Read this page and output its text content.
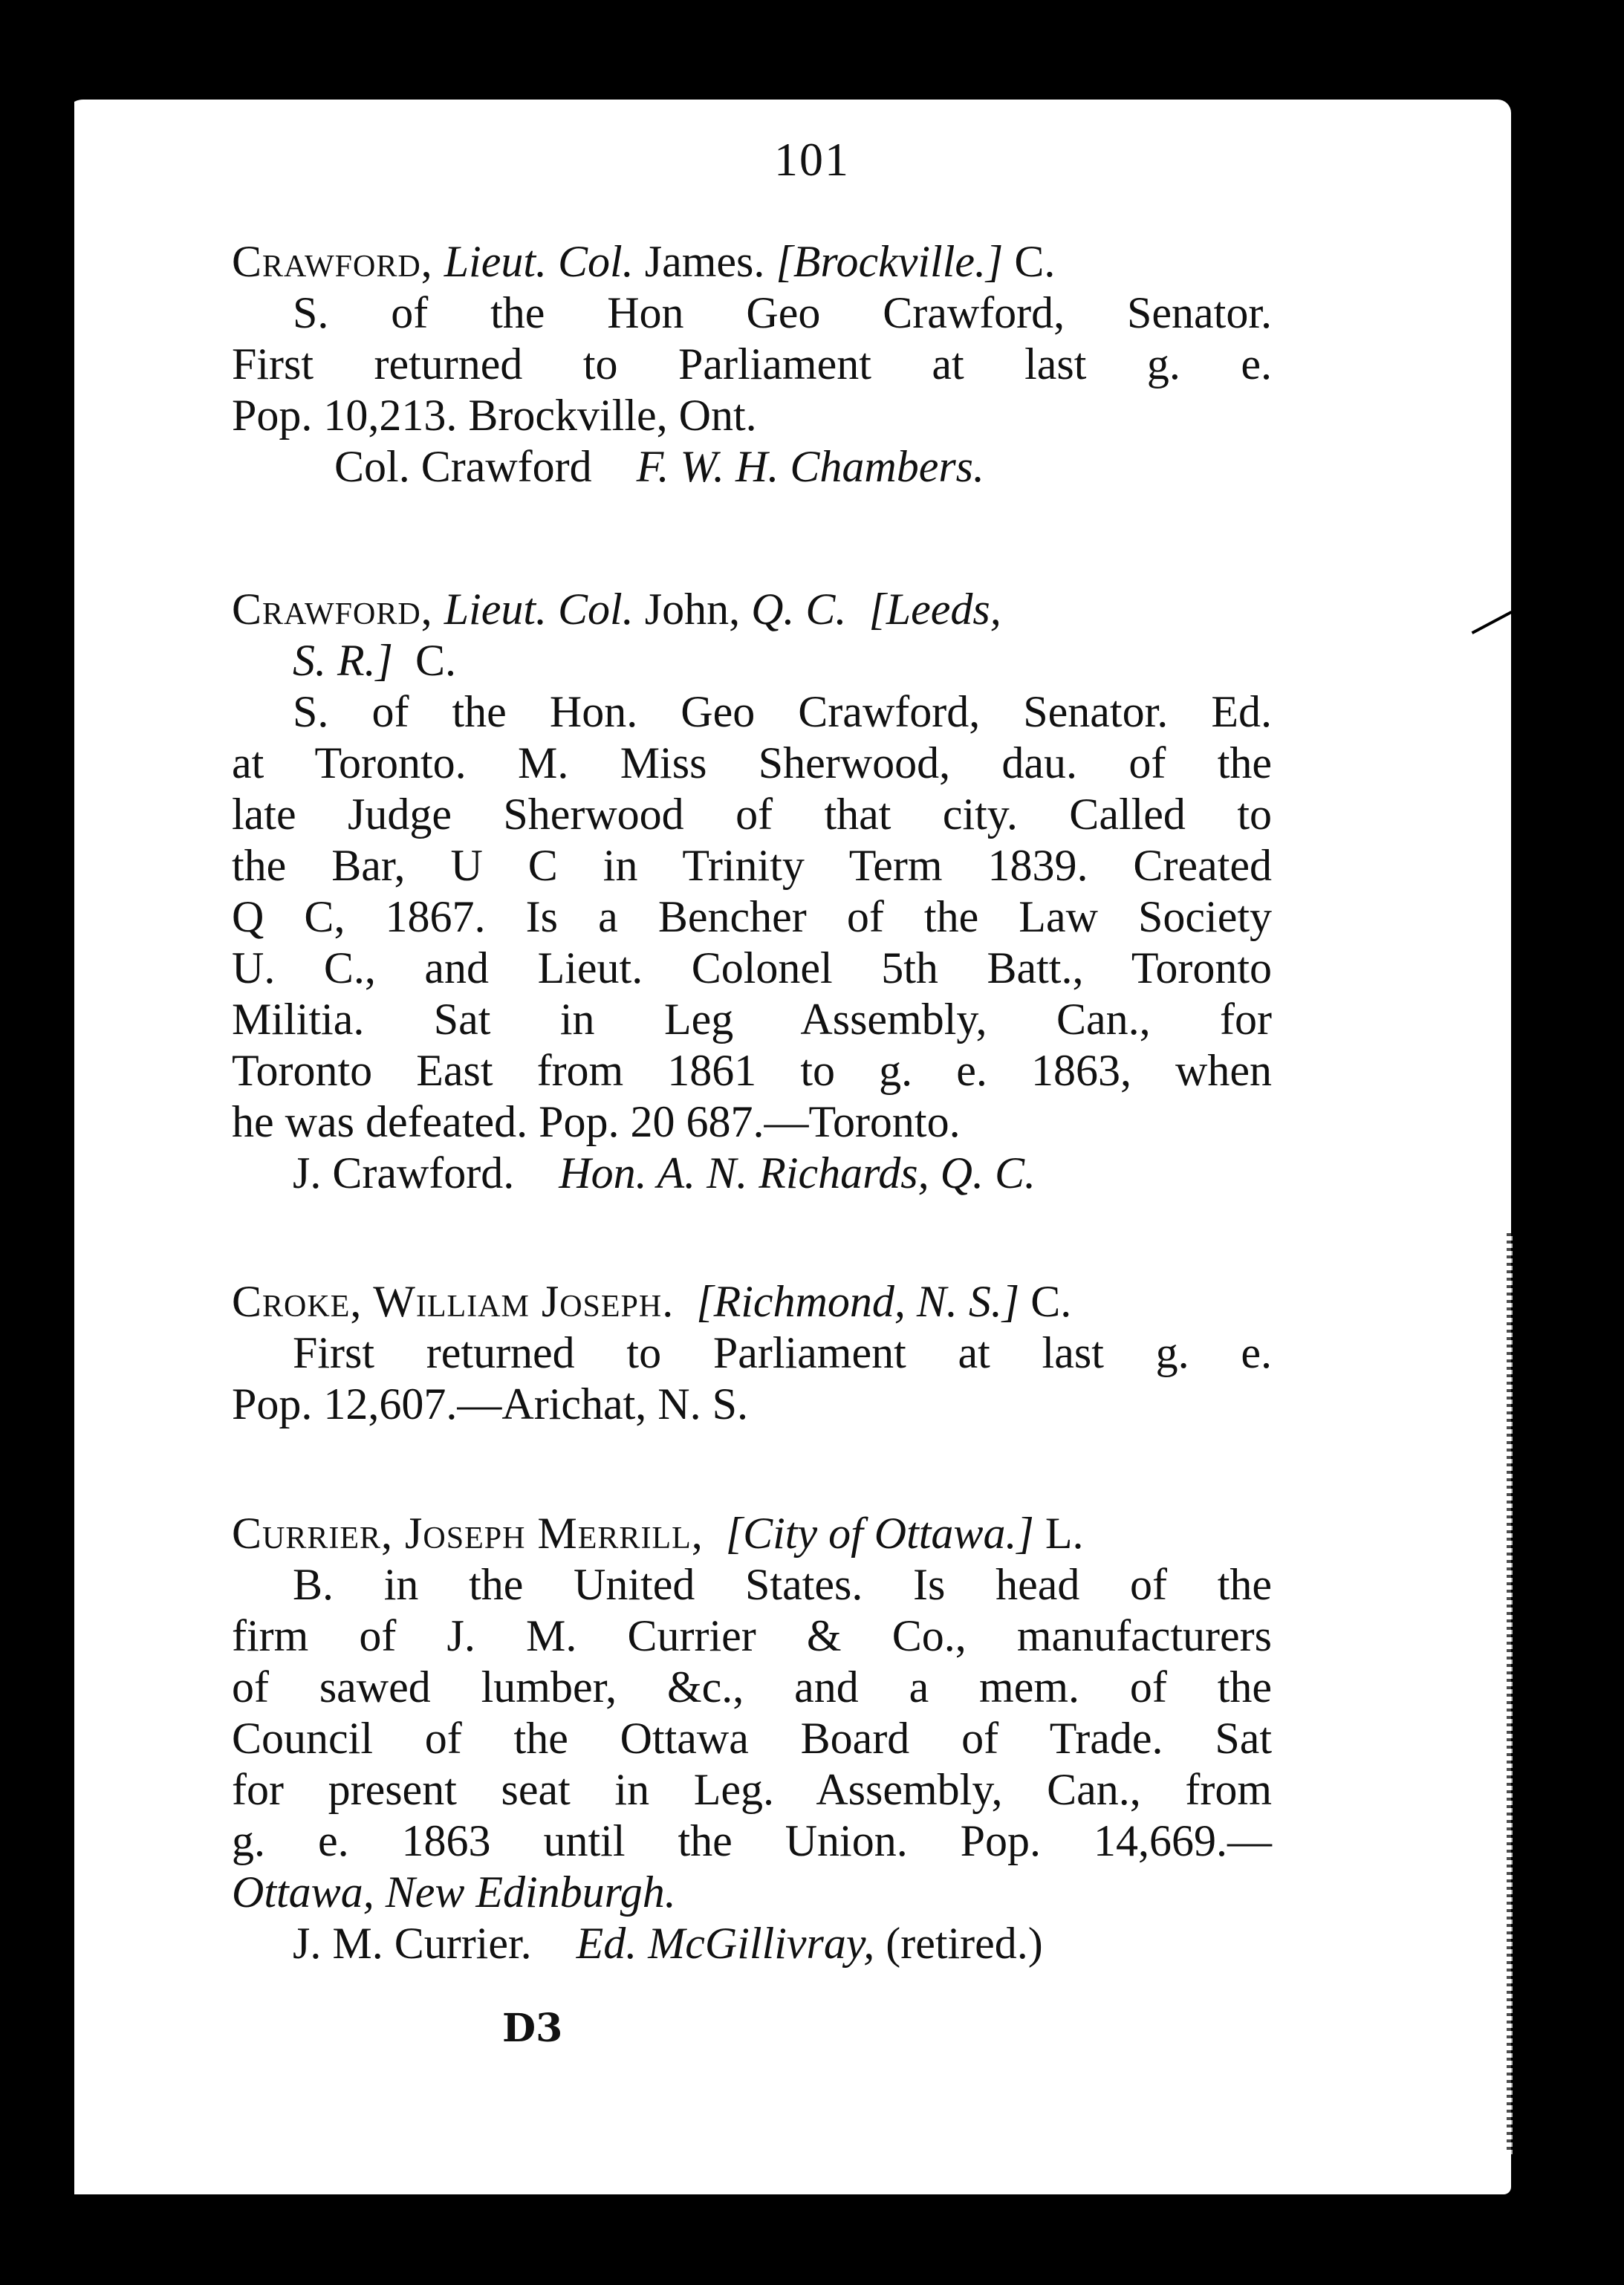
101
Crawford, Lieut. Col. James. [Brockville.] C.
S. of the Hon Geo Crawford, Senator.
First returned to Parliament at last g. e.
Pop. 10,213. Brockville, Ont.
Col. Crawford F. W. H. Chambers.
Crawford, Lieut. Col. John, Q. C. [Leeds,
S. R.] C.
S. of the Hon. Geo Crawford, Senator. Ed.
at Toronto. M. Miss Sherwood, dau. of the
late Judge Sherwood of that city. Called to
the Bar, U C in Trinity Term 1839. Created
Q C, 1867. Is a Bencher of the Law Society
U. C., and Lieut. Colonel 5th Batt., Toronto
Militia. Sat in Leg Assembly, Can., for
Toronto East from 1861 to g. e. 1863, when
he was defeated. Pop. 20 687.—Toronto.
J. Crawford. Hon. A. N. Richards, Q. C.
Croke, William Joseph. [Richmond, N. S.] C.
First returned to Parliament at last g. e.
Pop. 12,607.—Arichat, N. S.
Currier, Joseph Merrill, [City of Ottawa.] L.
B. in the United States. Is head of the
firm of J. M. Currier & Co., manufacturers
of sawed lumber, &c., and a mem. of the
Council of the Ottawa Board of Trade. Sat
for present seat in Leg. Assembly, Can., from
g. e. 1863 until the Union. Pop. 14,669.—
Ottawa, New Edinburgh.
J. M. Currier. Ed. McGillivray, (retired.)
D3
